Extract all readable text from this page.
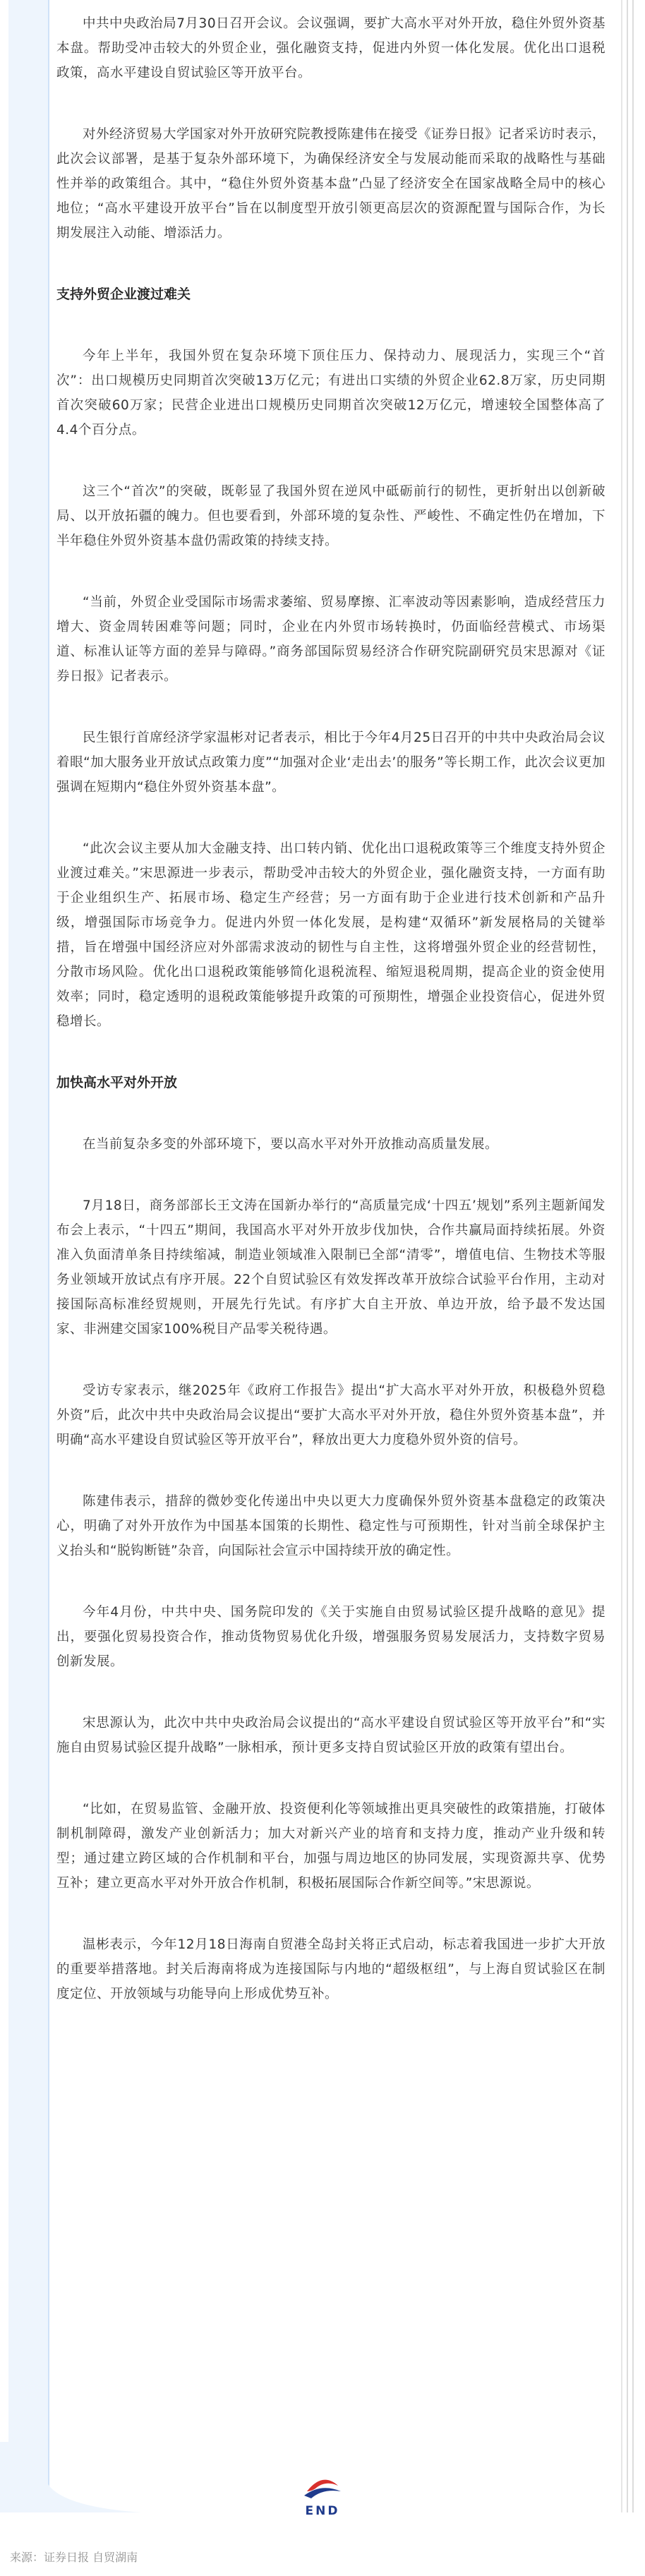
中共中央政治局7月30日召开会议。会议强调，要扩大高水平对外开放，稳住外贸外资基本盘。帮助受冲击较大的外贸企业，强化融资支持，促进内外贸一体化发展。优化出口退税政策，高水平建设自贸试验区等开放平台。

对外经济贸易大学国家对外开放研究院教授陈建伟在接受《证券日报》记者采访时表示，此次会议部署，是基于复杂外部环境下，为确保经济安全与发展动能而采取的战略性与基础性并举的政策组合。其中，“稳住外贸外资基本盘”凸显了经济安全在国家战略全局中的核心地位；“高水平建设开放平台”旨在以制度型开放引领更高层次的资源配置与国际合作，为长期发展注入动能、增添活力。

支持外贸企业渡过难关

今年上半年，我国外贸在复杂环境下顶住压力、保持动力、展现活力，实现三个“首次”：出口规模历史同期首次突破13万亿元；有进出口实绩的外贸企业62.8万家，历史同期首次突破60万家；民营企业进出口规模历史同期首次突破12万亿元，增速较全国整体高了4.4个百分点。

这三个“首次”的突破，既彰显了我国外贸在逆风中砥砺前行的韧性，更折射出以创新破局、以开放拓疆的魄力。但也要看到，外部环境的复杂性、严峻性、不确定性仍在增加，下半年稳住外贸外资基本盘仍需政策的持续支持。

“当前，外贸企业受国际市场需求萎缩、贸易摩擦、汇率波动等因素影响，造成经营压力增大、资金周转困难等问题；同时，企业在内外贸市场转换时，仍面临经营模式、市场渠道、标准认证等方面的差异与障碍。”商务部国际贸易经济合作研究院副研究员宋思源对《证券日报》记者表示。

民生银行首席经济学家温彬对记者表示，相比于今年4月25日召开的中共中央政治局会议着眼“加大服务业开放试点政策力度”“加强对企业‘走出去’的服务”等长期工作，此次会议更加强调在短期内“稳住外贸外资基本盘”。

“此次会议主要从加大金融支持、出口转内销、优化出口退税政策等三个维度支持外贸企业渡过难关。”宋思源进一步表示，帮助受冲击较大的外贸企业，强化融资支持，一方面有助于企业组织生产、拓展市场、稳定生产经营；另一方面有助于企业进行技术创新和产品升级，增强国际市场竞争力。促进内外贸一体化发展，是构建“双循环”新发展格局的关键举措，旨在增强中国经济应对外部需求波动的韧性与自主性，这将增强外贸企业的经营韧性，分散市场风险。优化出口退税政策能够简化退税流程、缩短退税周期，提高企业的资金使用效率；同时，稳定透明的退税政策能够提升政策的可预期性，增强企业投资信心，促进外贸稳增长。

加快高水平对外开放

在当前复杂多变的外部环境下，要以高水平对外开放推动高质量发展。

7月18日，商务部部长王文涛在国新办举行的“高质量完成‘十四五’规划”系列主题新闻发布会上表示，“十四五”期间，我国高水平对外开放步伐加快，合作共赢局面持续拓展。外资准入负面清单条目持续缩减，制造业领域准入限制已全部“清零”，增值电信、生物技术等服务业领域开放试点有序开展。22个自贸试验区有效发挥改革开放综合试验平台作用，主动对接国际高标准经贸规则，开展先行先试。有序扩大自主开放、单边开放，给予最不发达国家、非洲建交国家100%税目产品零关税待遇。

受访专家表示，继2025年《政府工作报告》提出“扩大高水平对外开放，积极稳外贸稳外资”后，此次中共中央政治局会议提出“要扩大高水平对外开放，稳住外贸外资基本盘”，并明确“高水平建设自贸试验区等开放平台”，释放出更大力度稳外贸外资的信号。

陈建伟表示，措辞的微妙变化传递出中央以更大力度确保外贸外资基本盘稳定的政策决心，明确了对外开放作为中国基本国策的长期性、稳定性与可预期性，针对当前全球保护主义抬头和“脱钩断链”杂音，向国际社会宣示中国持续开放的确定性。

今年4月份，中共中央、国务院印发的《关于实施自由贸易试验区提升战略的意见》提出，要强化贸易投资合作，推动货物贸易优化升级，增强服务贸易发展活力，支持数字贸易创新发展。

宋思源认为，此次中共中央政治局会议提出的“高水平建设自贸试验区等开放平台”和“实施自由贸易试验区提升战略”一脉相承，预计更多支持自贸试验区开放的政策有望出台。

“比如，在贸易监管、金融开放、投资便利化等领域推出更具突破性的政策措施，打破体制机制障碍，激发产业创新活力；加大对新兴产业的培育和支持力度，推动产业升级和转型；通过建立跨区域的合作机制和平台，加强与周边地区的协同发展，实现资源共享、优势互补；建立更高水平对外开放合作机制，积极拓展国际合作新空间等。”宋思源说。

温彬表示，今年12月18日海南自贸港全岛封关将正式启动，标志着我国进一步扩大开放的重要举措落地。封关后海南将成为连接国际与内地的“超级枢纽”，与上海自贸试验区在制度定位、开放领域与功能导向上形成优势互补。

END
来源：证券日报 自贸湖南
